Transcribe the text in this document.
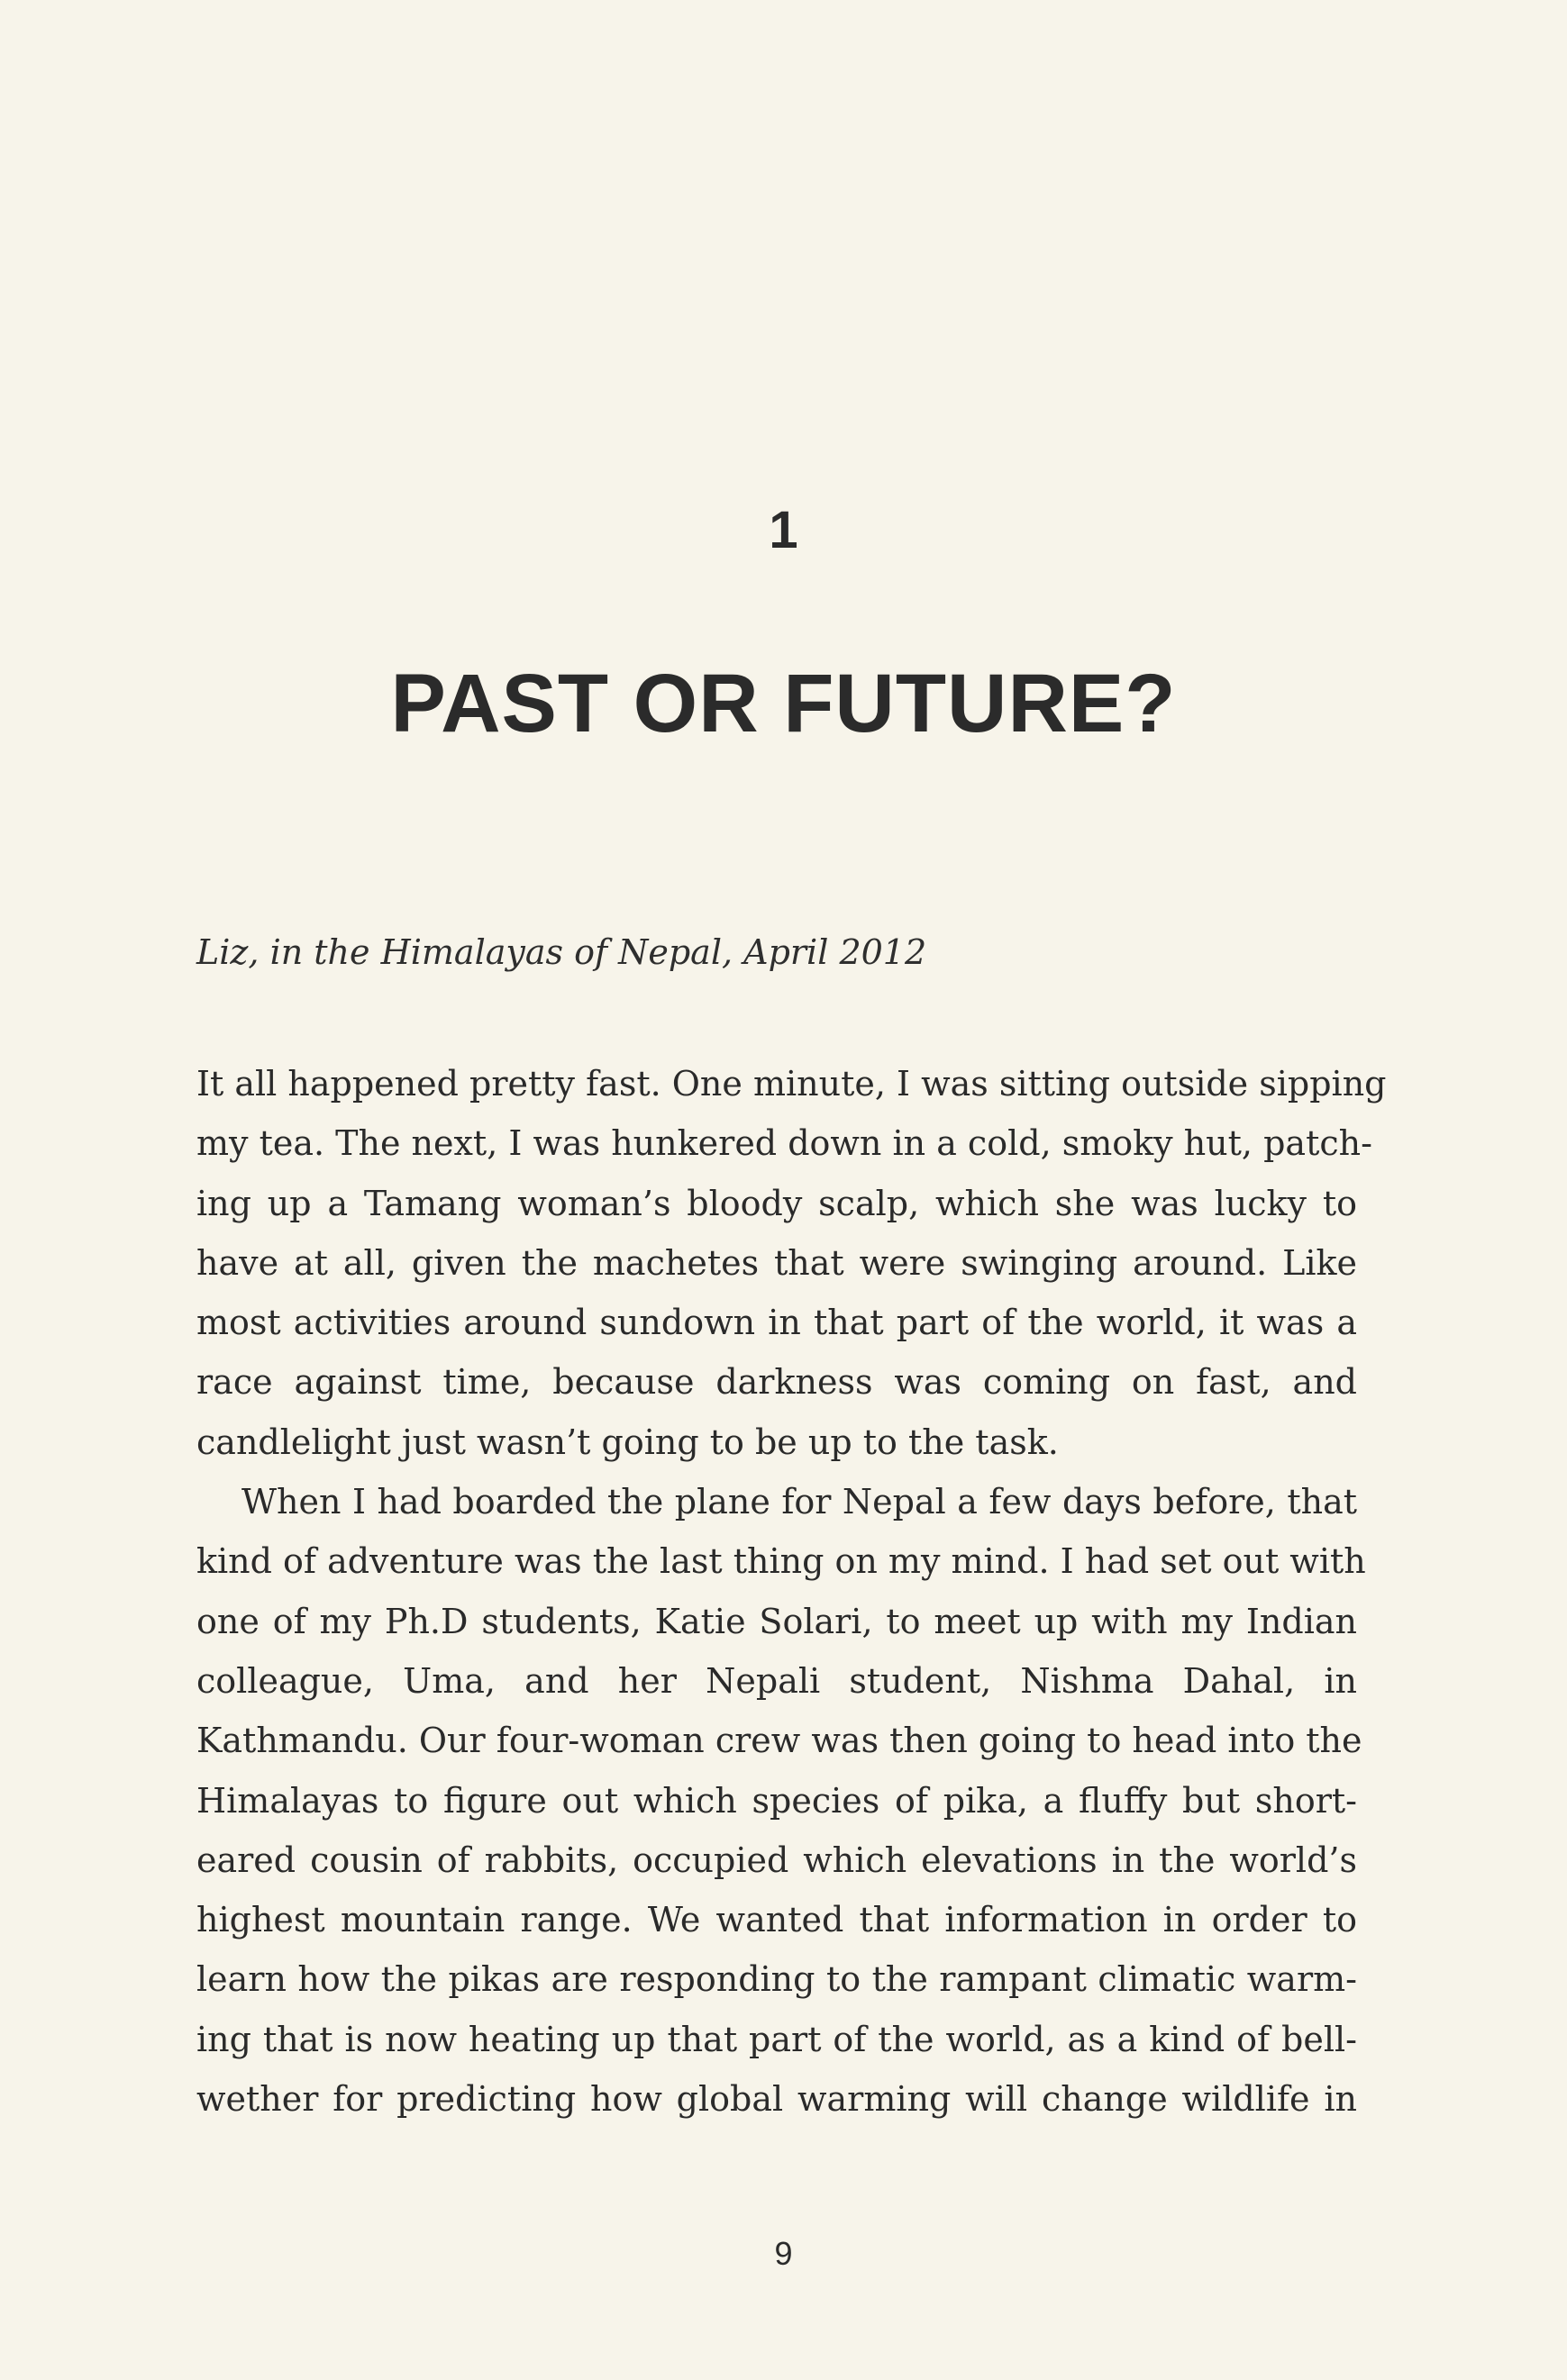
1
PAST OR FUTURE?
Liz, in the Himalayas of Nepal, April 2012
It all happened pretty fast. One minute, I was sitting outside sipping
my tea. The next, I was hunkered down in a cold, smoky hut, patch-
ing up a Tamang woman’s bloody scalp, which she was lucky to
have at all, given the machetes that were swinging around. Like
most activities around sundown in that part of the world, it was a
race against time, because darkness was coming on fast, and
candlelight just wasn’t going to be up to the task.
When I had boarded the plane for Nepal a few days before, that
kind of adventure was the last thing on my mind. I had set out with
one of my Ph.D students, Katie Solari, to meet up with my Indian
colleague, Uma, and her Nepali student, Nishma Dahal, in
Kathmandu. Our four-woman crew was then going to head into the
Himalayas to figure out which species of pika, a fluffy but short-
eared cousin of rabbits, occupied which elevations in the world’s
highest mountain range. We wanted that information in order to
learn how the pikas are responding to the rampant climatic warm-
ing that is now heating up that part of the world, as a kind of bell-
wether for predicting how global warming will change wildlife in
9
